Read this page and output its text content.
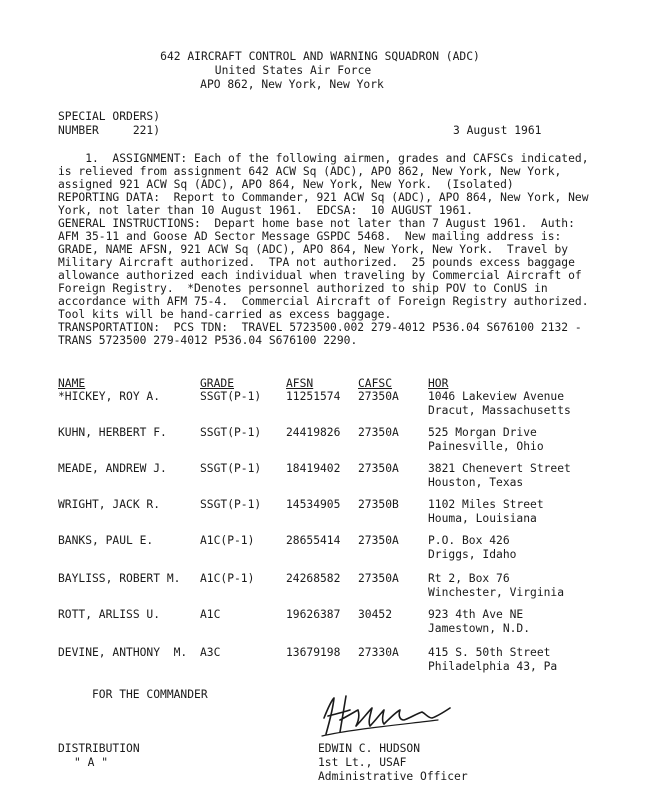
642 AIRCRAFT CONTROL AND WARNING SQUADRON (ADC)
United States Air Force
APO 862, New York, New York
SPECIAL ORDERS)
NUMBER     221)	3 August 1961
1.  ASSIGNMENT: Each of the following airmen, grades and CAFSCs indicated,
is relieved from assignment 642 ACW Sq (ADC), APO 862, New York, New York,
assigned 921 ACW Sq (ADC), APO 864, New York, New York.  (Isolated)
REPORTING DATA:  Report to Commander, 921 ACW Sq (ADC), APO 864, New York, New
York, not later than 10 August 1961.  EDCSA:  10 AUGUST 1961.
GENERAL INSTRUCTIONS:  Depart home base not later than 7 August 1961.  Auth:
AFM 35-11 and Goose AD Sector Message GSPDC 5468.  New mailing address is:
GRADE, NAME AFSN, 921 ACW Sq (ADC), APO 864, New York, New York.  Travel by
Military Aircraft authorized.  TPA not authorized.  25 pounds excess baggage
allowance authorized each individual when traveling by Commercial Aircraft of
Foreign Registry.  *Denotes personnel authorized to ship POV to ConUS in
accordance with AFM 75-4.  Commercial Aircraft of Foreign Registry authorized.
Tool kits will be hand-carried as excess baggage.
TRANSPORTATION:  PCS TDN:  TRAVEL 5723500.002 279-4012 P536.04 S676100 2132 -
TRANS 5723500 279-4012 P536.04 S676100 2290.
NAME	GRADE	AFSN	CAFSC	HOR
*HICKEY, ROY A.	SSGT(P-1) 11251574 27350A	1046 Lakeview Avenue
Dracut, Massachusetts
KUHN, HERBERT F.	SSGT(P-1) 24419826 27350A	525 Morgan Drive
Painesville, Ohio
MEADE, ANDREW J.	SSGT(P-1) 18419402 27350A	3821 Chenevert Street
Houston, Texas
WRIGHT, JACK R.	SSGT(P-1) 14534905 27350B	1102 Miles Street
Houma, Louisiana
BANKS, PAUL E.	A1C(P-1)	28655414 27350A	P.O. Box 426
Driggs, Idaho
BAYLISS, ROBERT M. A1C(P-1)	24268582 27350A	Rt 2, Box 76
Winchester, Virginia
ROTT, ARLISS U.	A1C	19626387 30452	923 4th Ave NE
Jamestown, N.D.
DEVINE, ANTHONY  M. A3C	13679198 27330A	415 S. 50th Street
Philadelphia 43, Pa
FOR THE COMMANDER
DISTRIBUTION
" A "
EDWIN C. HUDSON
1st Lt., USAF
Administrative Officer
